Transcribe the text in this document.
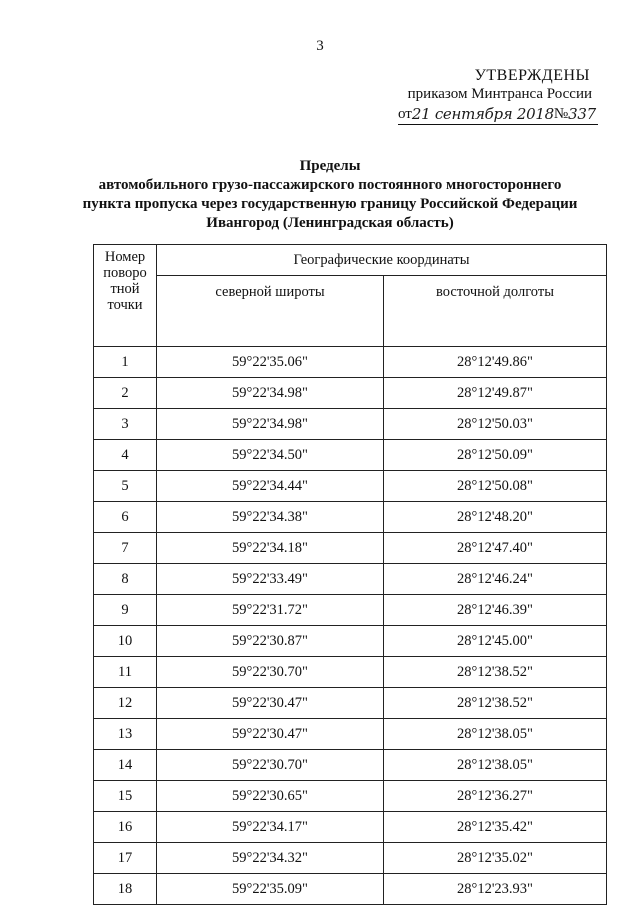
3
УТВЕРЖДЕНЫ
приказом Минтранса России
от 21 сентября 2018 № 337
Пределы
автомобильного грузо-пассажирского постоянного многостороннего
пункта пропуска через государственную границу Российской Федерации
Ивангород (Ленинградская область)
Номер
поворо
тной
точки	Географические координаты	
	северной широты	восточной долготы
1	59°22'35.06"	28°12'49.86"
2	59°22'34.98"	28°12'49.87"
3	59°22'34.98"	28°12'50.03"
4	59°22'34.50"	28°12'50.09"
5	59°22'34.44"	28°12'50.08"
6	59°22'34.38"	28°12'48.20"
7	59°22'34.18"	28°12'47.40"
8	59°22'33.49"	28°12'46.24"
9	59°22'31.72"	28°12'46.39"
10	59°22'30.87"	28°12'45.00"
11	59°22'30.70"	28°12'38.52"
12	59°22'30.47"	28°12'38.52"
13	59°22'30.47"	28°12'38.05"
14	59°22'30.70"	28°12'38.05"
15	59°22'30.65"	28°12'36.27"
16	59°22'34.17"	28°12'35.42"
17	59°22'34.32"	28°12'35.02"
18	59°22'35.09"	28°12'23.93"
